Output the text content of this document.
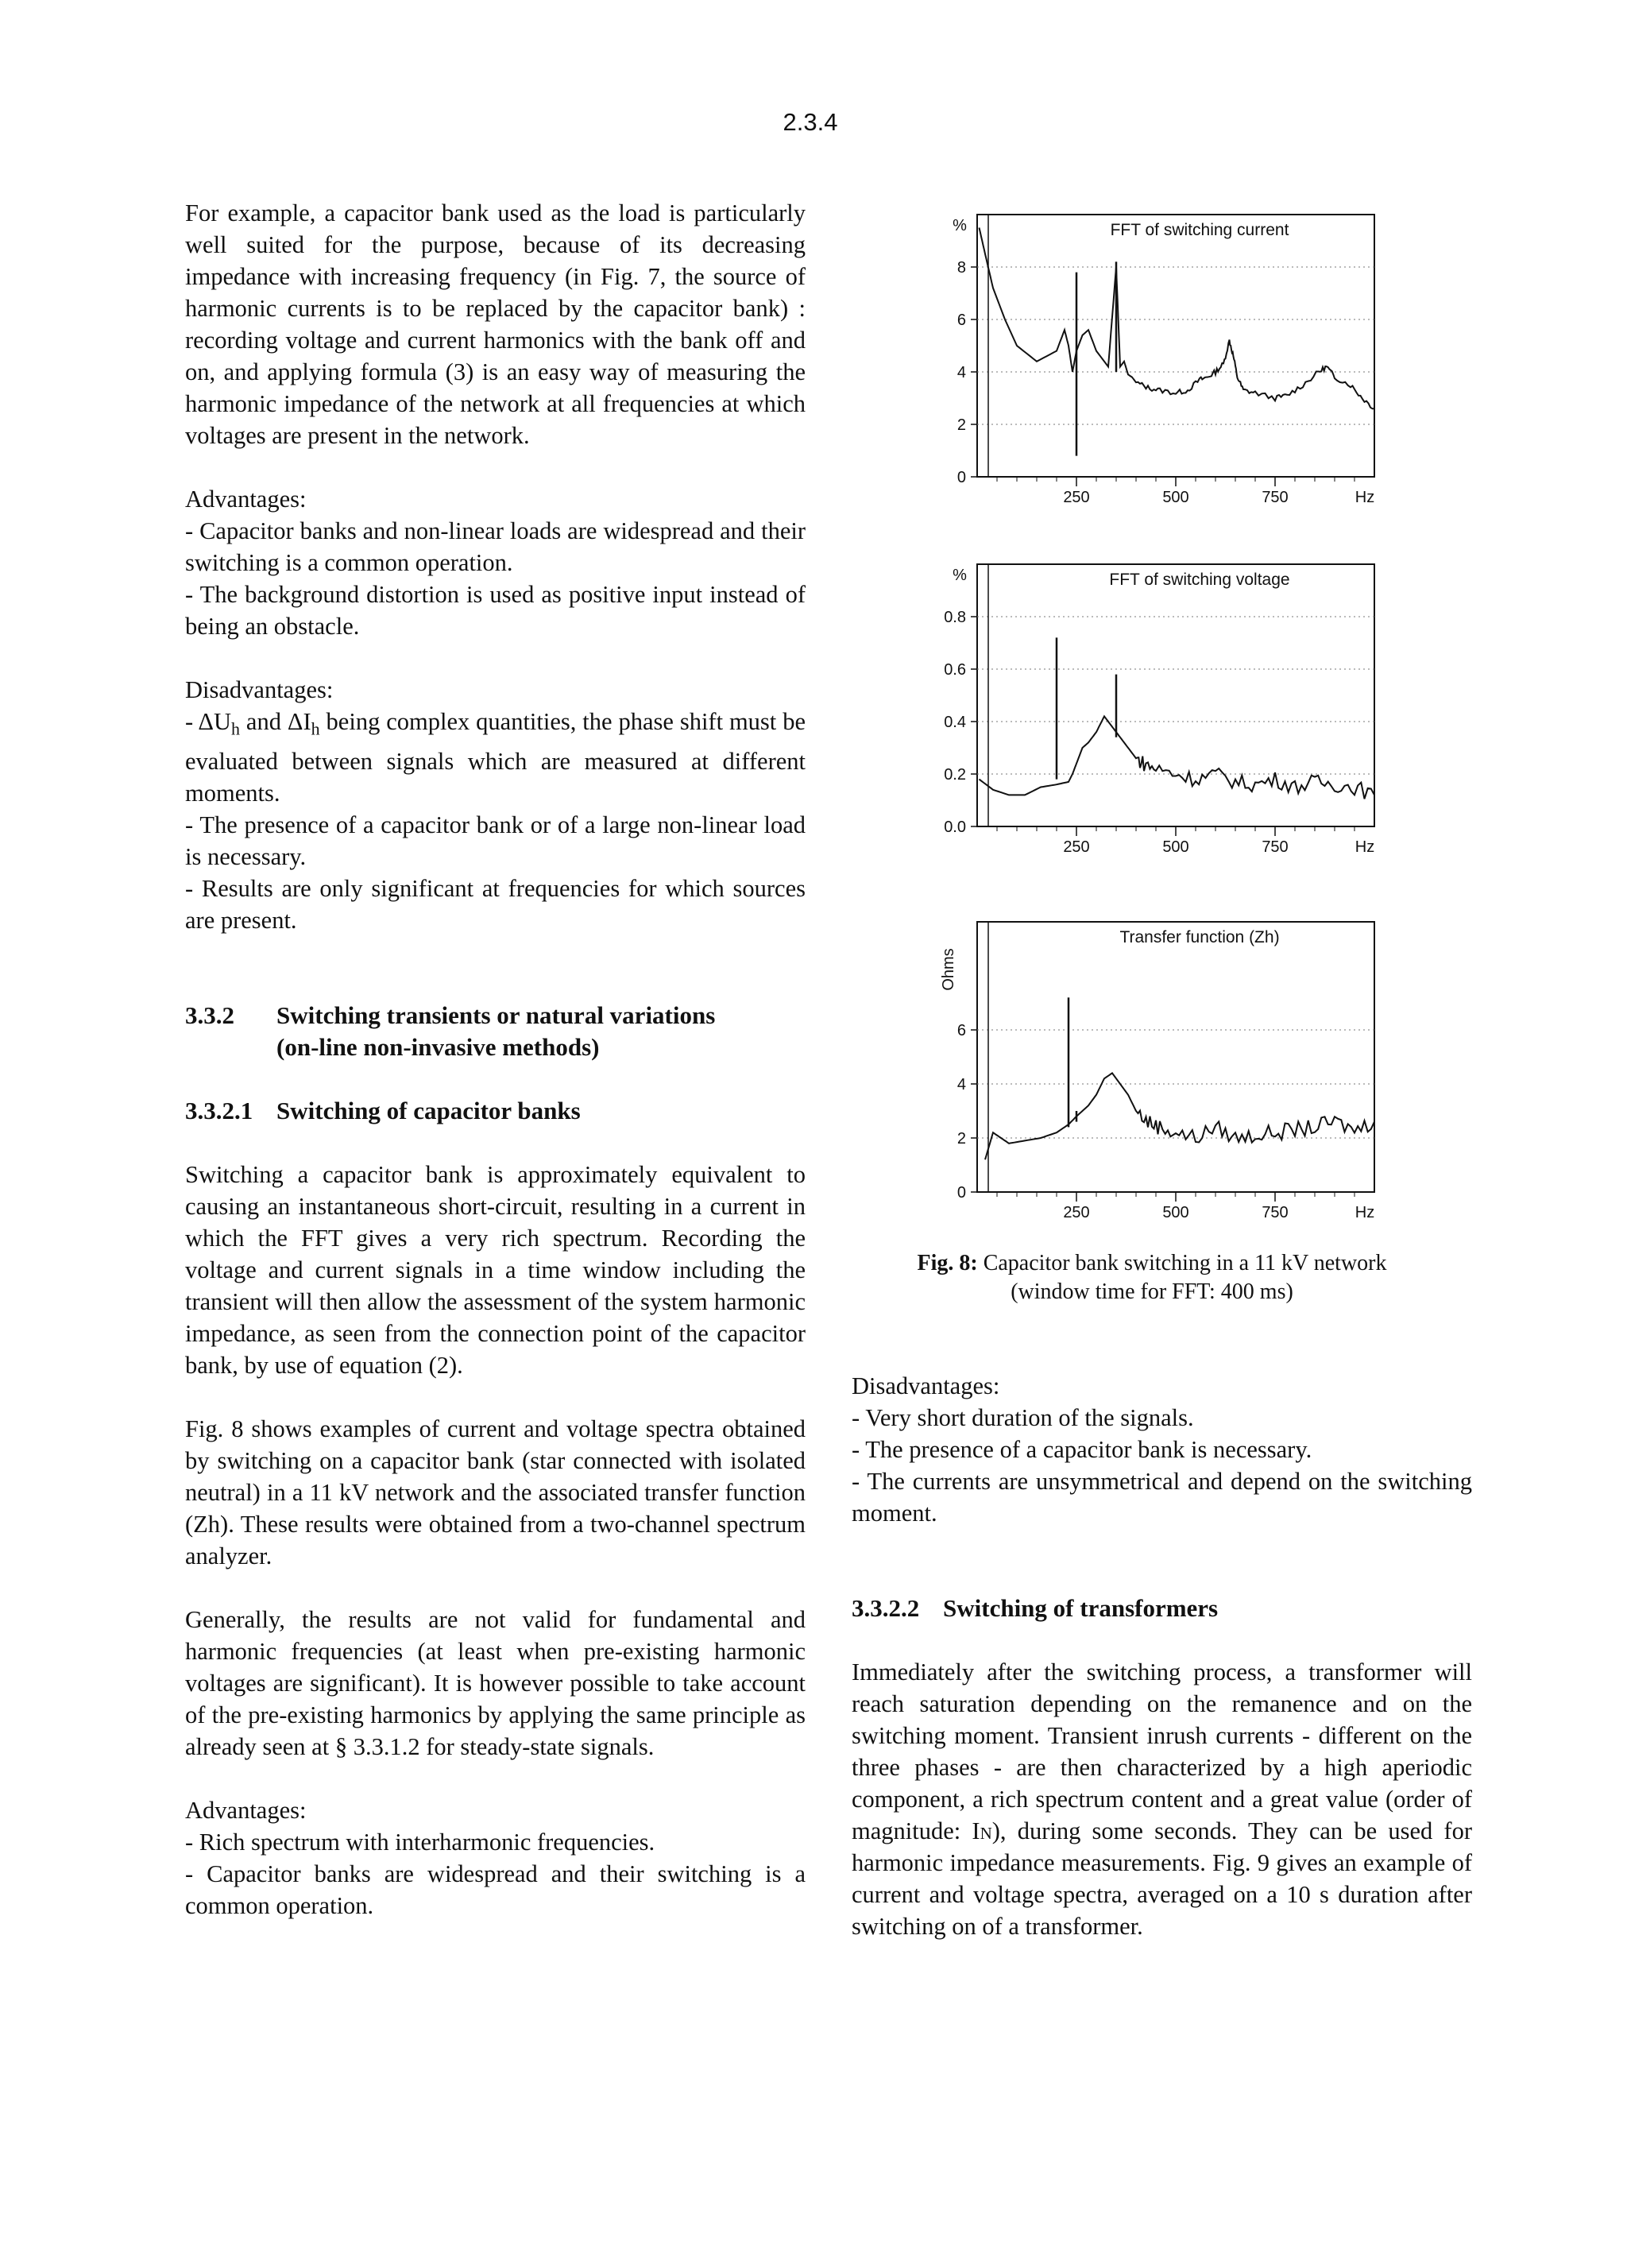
2.3.4

For example, a capacitor bank used as the load is particularly well suited for the purpose, because of its decreasing impedance with increasing frequency (in Fig. 7, the source of harmonic currents is to be replaced by the capacitor bank) : recording voltage and current harmonics with the bank off and on, and applying formula (3) is an easy way of measuring the harmonic impedance of the network at all frequencies at which voltages are present in the network.

Advantages:
- Capacitor banks and non-linear loads are widespread and their switching is a common operation.
- The background distortion is used as positive input instead of being an obstacle.
Disadvantages:
- $\Delta U_h$ and $\Delta I_h$ being complex quantities, the phase shift must be evaluated between signals which are measured at different moments.
- The presence of a capacitor bank or of a large non-linear load is necessary.
- Results are only significant at frequencies for which sources are present.
3.3.2 Switching transients or natural variations
(on-line non-invasive methods)
3.3.2.1 Switching of capacitor banks

Switching a capacitor bank is approximately equivalent to causing an instantaneous short-circuit, resulting in a current in which the FFT gives a very rich spectrum. Recording the voltage and current signals in a time window including the transient will then allow the assessment of the system harmonic impedance, as seen from the connection point of the capacitor bank, by use of equation (2).

Fig. 8 shows examples of current and voltage spectra obtained by switching on a capacitor bank (star connected with isolated neutral) in a 11 kV network and the associated transfer function (Zh). These results were obtained from a two-channel spectrum analyzer.

Generally, the results are not valid for fundamental and harmonic frequencies (at least when pre-existing harmonic voltages are significant). It is however possible to take account of the pre-existing harmonics by applying the same principle as already seen at § 3.3.1.2 for steady-state signals.

Advantages:
- Rich spectrum with interharmonic frequencies.
- Capacitor banks are widespread and their switching is a common operation.
0
2
4
6
8
250	500	750	Hz
%	FFT of switching current
0.0
0.2
0.4
0.6
0.8
250	500	750	Hz
%	FFT of switching voltage
0
2
4
6
250	500	750	Hz
Ohms
Transfer function (Zh)
Fig. 8: Capacitor bank switching in a 11 kV network
(window time for FFT: 400 ms)
Disadvantages:
- Very short duration of the signals.
- The presence of a capacitor bank is necessary.
- The currents are unsymmetrical and depend on the switching moment.
3.3.2.2 Switching of transformers

Immediately after the switching process, a transformer will reach saturation depending on the remanence and on the switching moment. Transient inrush currents - different on the three phases - are then characterized by a high aperiodic component, a rich spectrum content and a great value (order of magnitude: In), during some seconds. They can be used for harmonic impedance measurements. Fig. 9 gives an example of current and voltage spectra, averaged on a 10 s duration after switching on of a transformer.
